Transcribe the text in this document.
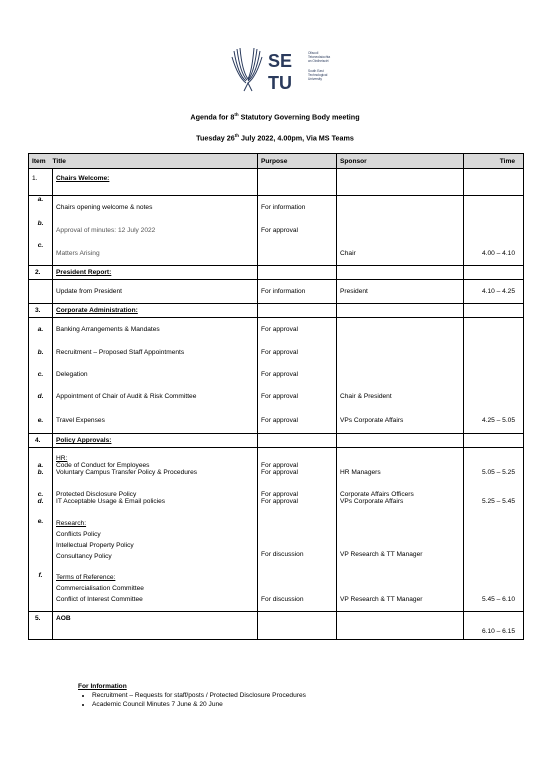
SE
TU
Ollscoil
Teicneolaíochta
an Oirdheiscirt
South East
Technological
University
Agenda for 8th Statutory Governing Body meeting
Tuesday 26th July 2022, 4.00pm, Via MS Teams
Item	Title	Purpose	Sponsor	Time
1.	Chairs Welcome:			
a.	Chairs opening welcome & notes	For information		
b.	Approval of minutes: 12 July 2022	For approval		
c.	Matters Arising		Chair	4.00 – 4.10
2.	President Report:			
	Update from President	For information	President	4.10 – 4.25
3.	Corporate Administration:			
a.	Banking Arrangements & Mandates	For approval		
b.	Recruitment – Proposed Staff Appointments	For approval		
c.	Delegation	For approval		
d.	Appointment of Chair of Audit & Risk Committee	For approval	Chair & President	
e.	Travel Expenses	For approval	VPs Corporate Affairs	4.25 – 5.05
4.	Policy Approvals:			
	HR:			
a.	Code of Conduct for Employees	For approval		
b.	Voluntary Campus Transfer Policy & Procedures	For approval	HR Managers	5.05 – 5.25
c.	Protected Disclosure Policy	For approval	Corporate Affairs Officers	
d.	IT Acceptable Usage & Email policies	For approval	VPs Corporate Affairs	5.25 – 5.45
e.	Research:
Conflicts Policy
Intellectual Property Policy
Consultancy Policy	For discussion	VP Research & TT Manager	
f.	Terms of Reference:
Commercialisation Committee
Conflict of Interest Committee	For discussion	VP Research & TT Manager	5.45 – 6.10
5.	AOB			6.10 – 6.15
For Information
• Recruitment – Requests for staff/posts / Protected Disclosure Procedures
• Academic Council Minutes 7 June & 20 June
